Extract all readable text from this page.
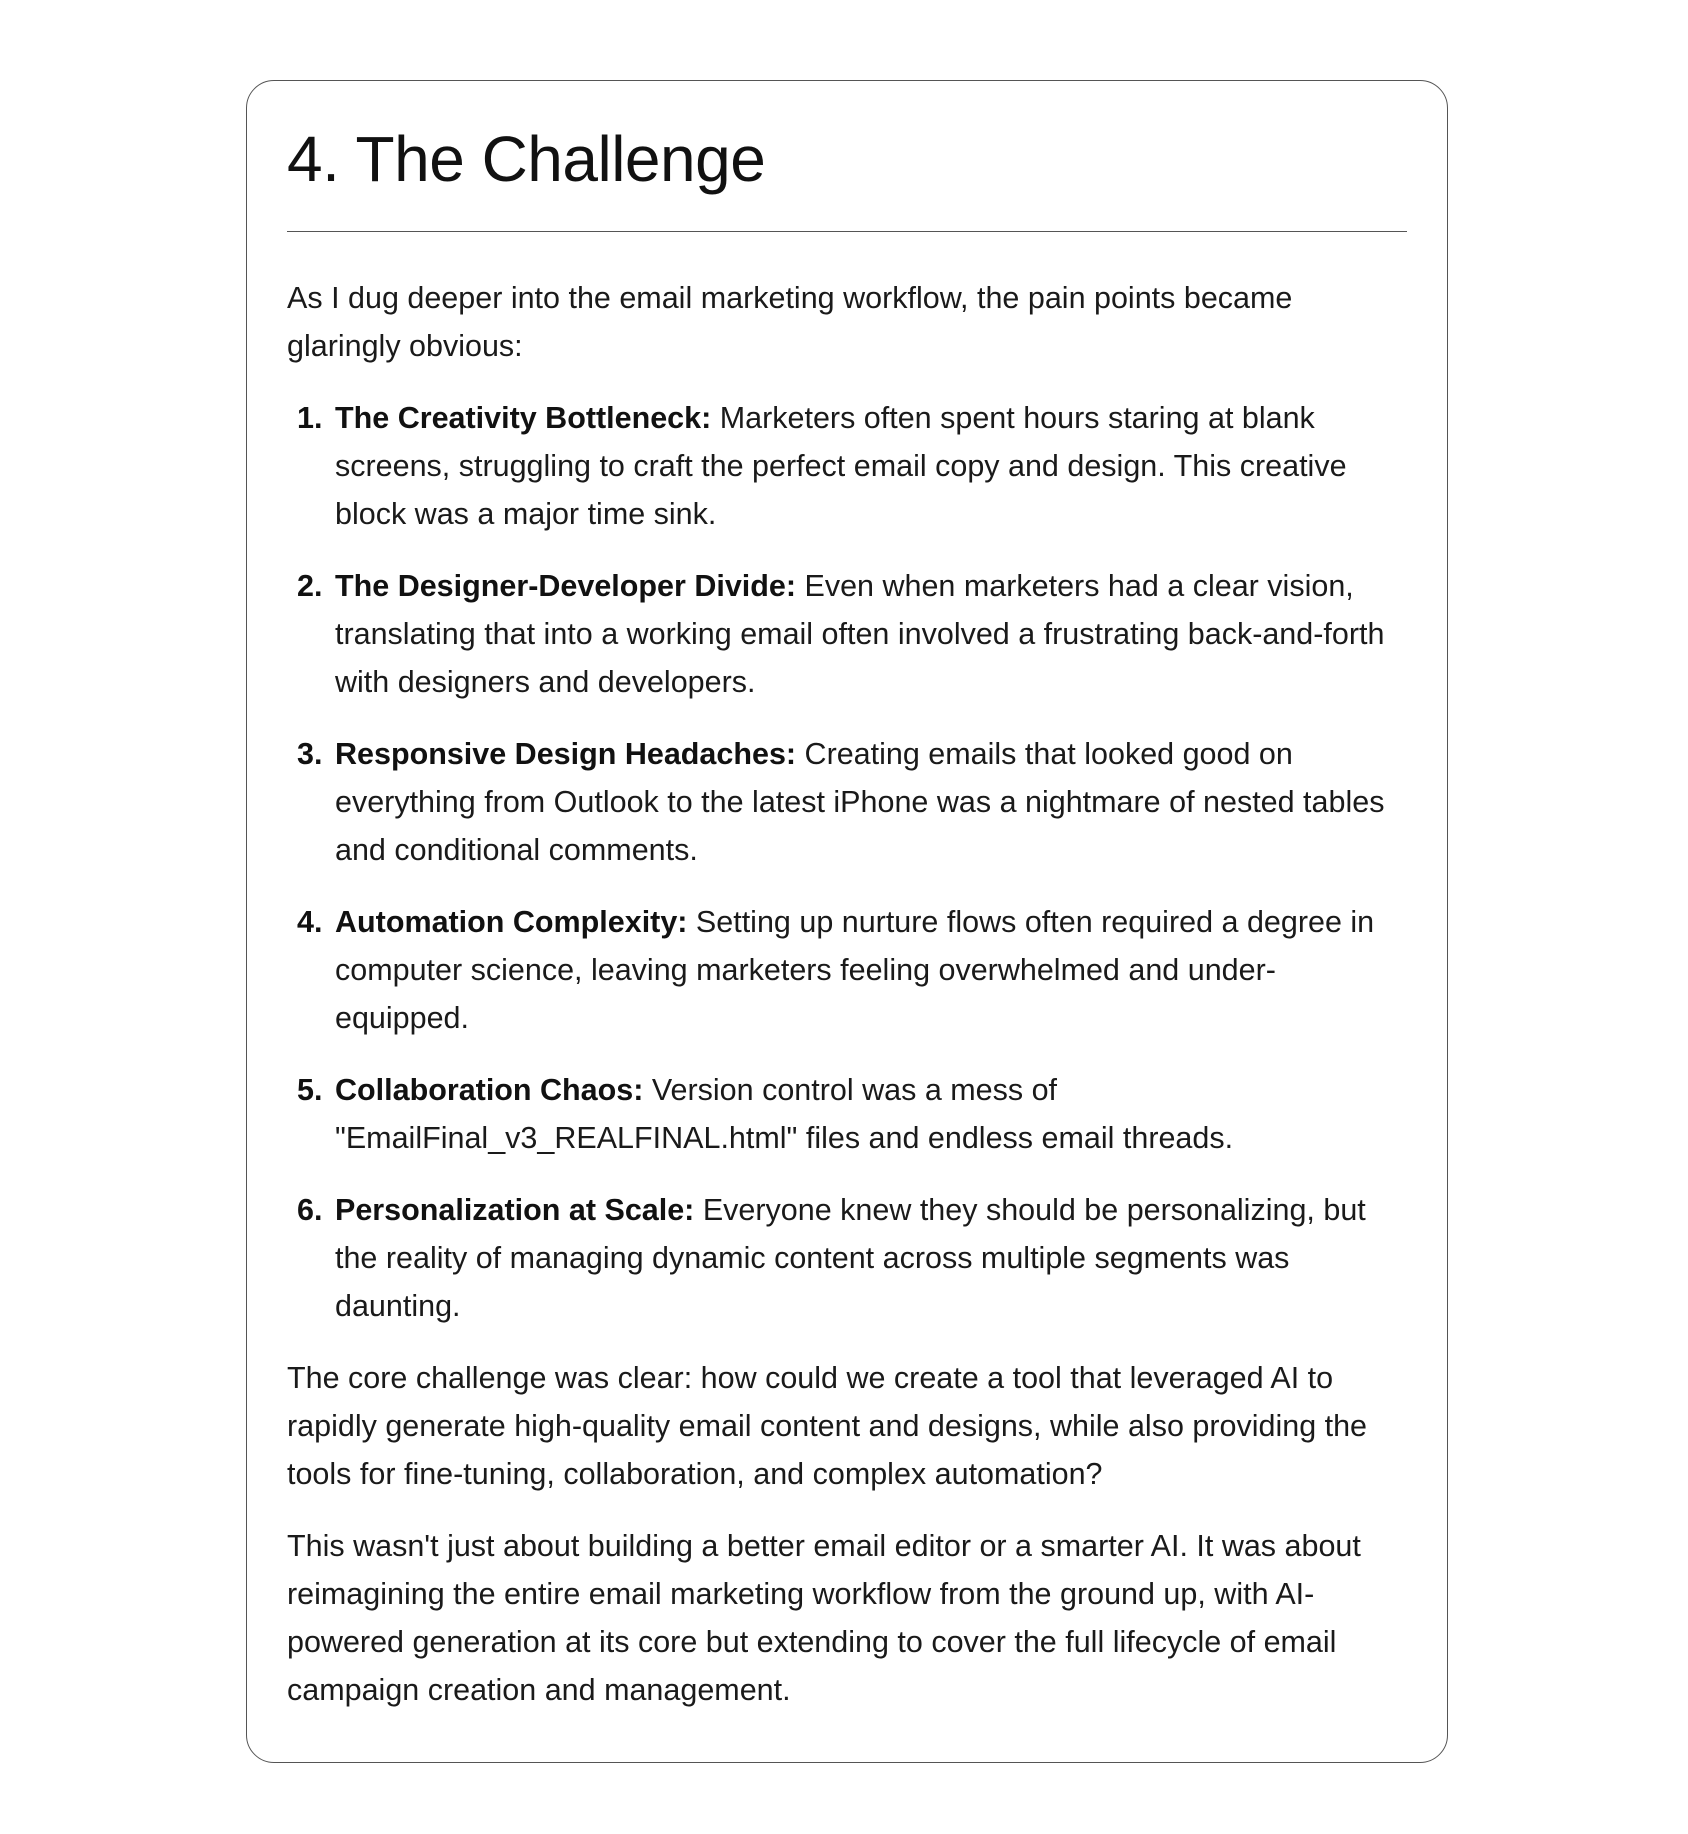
4. The Challenge

As I dug deeper into the email marketing workflow, the pain points became glaringly obvious:

1. The Creativity Bottleneck: Marketers often spent hours staring at blank screens, struggling to craft the perfect email copy and design. This creative block was a major time sink.
2. The Designer-Developer Divide: Even when marketers had a clear vision, translating that into a working email often involved a frustrating back-and-forth with designers and developers.
3. Responsive Design Headaches: Creating emails that looked good on everything from Outlook to the latest iPhone was a nightmare of nested tables and conditional comments.
4. Automation Complexity: Setting up nurture flows often required a degree in computer science, leaving marketers feeling overwhelmed and under-equipped.
5. Collaboration Chaos: Version control was a mess of "EmailFinal_v3_REALFINAL.html" files and endless email threads.
6. Personalization at Scale: Everyone knew they should be personalizing, but the reality of managing dynamic content across multiple segments was daunting.

The core challenge was clear: how could we create a tool that leveraged AI to rapidly generate high-quality email content and designs, while also providing the tools for fine-tuning, collaboration, and complex automation?

This wasn't just about building a better email editor or a smarter AI. It was about reimagining the entire email marketing workflow from the ground up, with AI-powered generation at its core but extending to cover the full lifecycle of email campaign creation and management.
